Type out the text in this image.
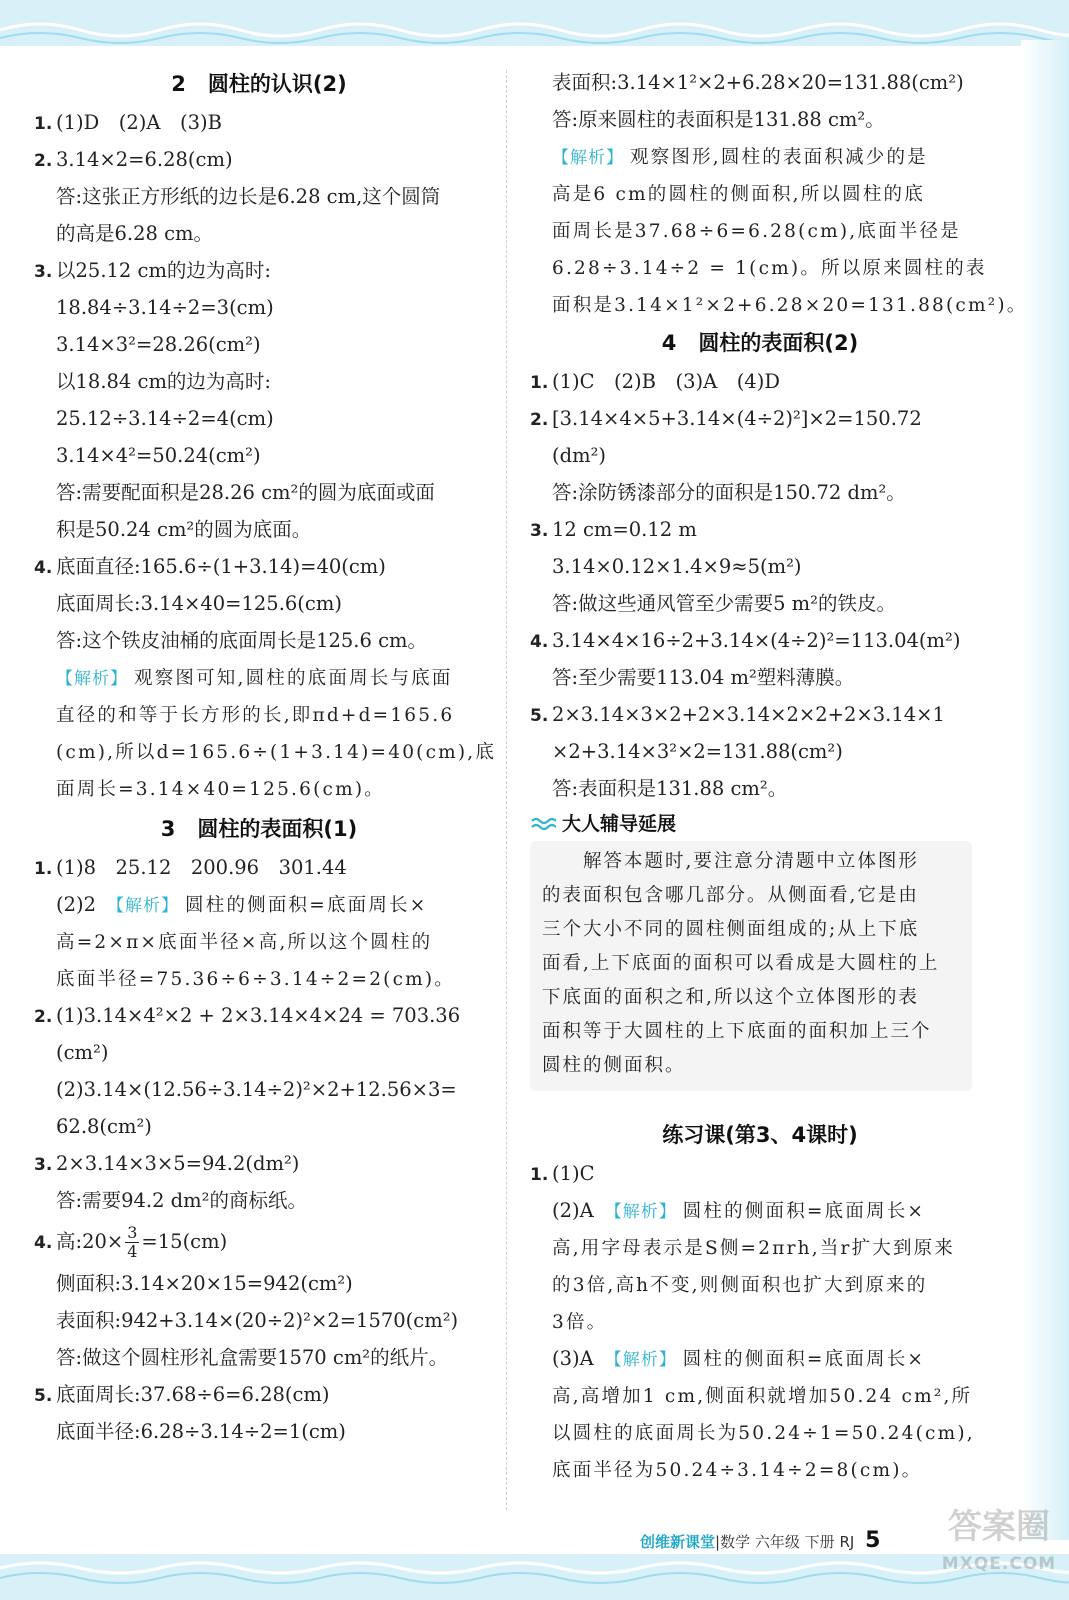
2 圆柱的认识(2)
1. (1)D　(2)A　(3)B
2. 3.14×2=6.28(cm)
答:这张正方形纸的边长是6.28 cm,这个圆筒
的高是6.28 cm。
3. 以25.12 cm的边为高时:
18.84÷3.14÷2=3(cm)
3.14×3²=28.26(cm²)
以18.84 cm的边为高时:
25.12÷3.14÷2=4(cm)
3.14×4²=50.24(cm²)
答:需要配面积是28.26 cm²的圆为底面或面
积是50.24 cm²的圆为底面。
4. 底面直径:165.6÷(1+3.14)=40(cm)
底面周长:3.14×40=125.6(cm)
答:这个铁皮油桶的底面周长是125.6 cm。
【解析】 观察图可知,圆柱的底面周长与底面
直径的和等于长方形的长,即πd+d=165.6
(cm),所以d=165.6÷(1+3.14)=40(cm),底
面周长=3.14×40=125.6(cm)。
3 圆柱的表面积(1)
1. (1)8　25.12　200.96　301.44
(2)2　 【解析】 圆柱的侧面积=底面周长×
高=2×π×底面半径×高,所以这个圆柱的
底面半径=75.36÷6÷3.14÷2=2(cm)。
2. (1)3.14×4²×2 + 2×3.14×4×24 = 703.36
(cm²)
(2)3.14×(12.56÷3.14÷2)²×2+12.56×3=
62.8(cm²)
3. 2×3.14×3×5=94.2(dm²)
答:需要94.2 dm²的商标纸。
4. 高:20× $\frac{3}{4} =15(cm)$
侧面积:3.14×20×15=942(cm²)
表面积:942+3.14×(20÷2)²×2=1570(cm²)
答:做这个圆柱形礼盒需要1570 cm²的纸片。
5. 底面周长:37.68÷6=6.28(cm)
底面半径:6.28÷3.14÷2=1(cm)
表面积:3.14×1²×2+6.28×20=131.88(cm²)
答:原来圆柱的表面积是131.88 cm²。
【解析】 观察图形,圆柱的表面积减少的是
高是6 cm的圆柱的侧面积,所以圆柱的底
面周长是37.68÷6=6.28(cm),底面半径是
6.28÷3.14÷2 = 1(cm)。所以原来圆柱的表
面积是3.14×1²×2+6.28×20=131.88(cm²)。
4 圆柱的表面积(2)
1. (1)C　(2)B　(3)A　(4)D
2. [3.14×4×5+3.14×(4÷2)²]×2=150.72
(dm²)
答:涂防锈漆部分的面积是150.72 dm²。
3. 12 cm=0.12 m
3.14×0.12×1.4×9≈5(m²)
答:做这些通风管至少需要5 m²的铁皮。
4. 3.14×4×16÷2+3.14×(4÷2)²=113.04(m²)
答:至少需要113.04 m²塑料薄膜。
5. 2×3.14×3×2+2×3.14×2×2+2×3.14×1
×2+3.14×3²×2=131.88(cm²)
答:表面积是131.88 cm²。
大人辅导延展
　　解答本题时,要注意分清题中立体图形
的表面积包含哪几部分。从侧面看,它是由
三个大小不同的圆柱侧面组成的;从上下底
面看,上下底面的面积可以看成是大圆柱的上
下底面的面积之和,所以这个立体图形的表
面积等于大圆柱的上下底面的面积加上三个
圆柱的侧面积。
练习课(第3、4课时)
1. (1)C
(2)A　 【解析】 圆柱的侧面积=底面周长×
高,用字母表示是S侧=2πrh,当r扩大到原来
的3倍,高h不变,则侧面积也扩大到原来的
3倍。
(3)A　 【解析】 圆柱的侧面积=底面周长×
高,高增加1 cm,侧面积就增加50.24 cm²,所
以圆柱的底面周长为50.24÷1=50.24(cm),
底面半径为50.24÷3.14÷2=8(cm)。
创维新课堂|数学 六年级 下册 RJ 5 答案圈
MXQE.COM
